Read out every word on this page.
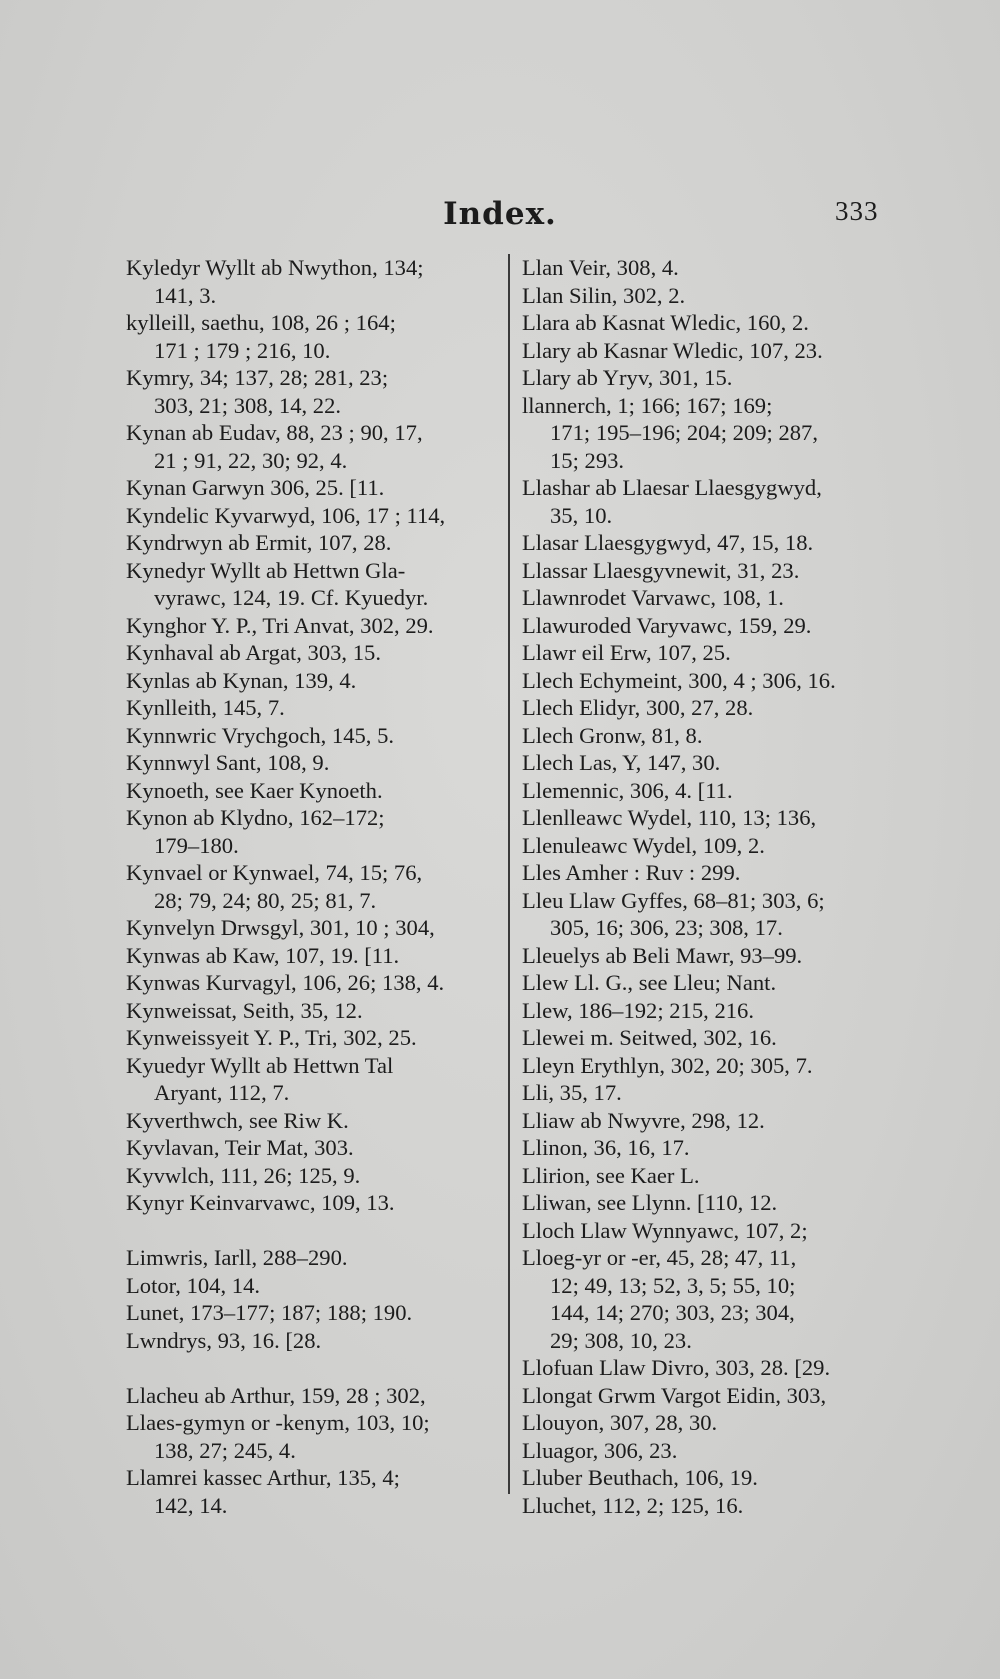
Index.	333
Kyledyr Wyllt ab Nwython, 134;
141, 3.
kylleill, saethu, 108, 26 ; 164;
171 ; 179 ; 216, 10.
Kymry, 34; 137, 28; 281, 23;
303, 21; 308, 14, 22.
Kynan ab Eudav, 88, 23 ; 90, 17,
21 ; 91, 22, 30; 92, 4.
Kynan Garwyn 306, 25. [11.
Kyndelic Kyvarwyd, 106, 17 ; 114,
Kyndrwyn ab Ermit, 107, 28.
Kynedyr Wyllt ab Hettwn Gla-
vyrawc, 124, 19. Cf. Kyuedyr.
Kynghor Y. P., Tri Anvat, 302, 29.
Kynhaval ab Argat, 303, 15.
Kynlas ab Kynan, 139, 4.
Kynlleith, 145, 7.
Kynnwric Vrychgoch, 145, 5.
Kynnwyl Sant, 108, 9.
Kynoeth, see Kaer Kynoeth.
Kynon ab Klydno, 162–172;
179–180.
Kynvael or Kynwael, 74, 15; 76,
28; 79, 24; 80, 25; 81, 7.
Kynvelyn Drwsgyl, 301, 10 ; 304,
Kynwas ab Kaw, 107, 19. [11.
Kynwas Kurvagyl, 106, 26; 138, 4.
Kynweissat, Seith, 35, 12.
Kynweissyeit Y. P., Tri, 302, 25.
Kyuedyr Wyllt ab Hettwn Tal
Aryant, 112, 7.
Kyverthwch, see Riw K.
Kyvlavan, Teir Mat, 303.
Kyvwlch, 111, 26; 125, 9.
Kynyr Keinvarvawc, 109, 13.
Limwris, Iarll, 288–290.
Lotor, 104, 14.
Lunet, 173–177; 187; 188; 190.
Lwndrys, 93, 16. [28.
Llacheu ab Arthur, 159, 28 ; 302,
Llaes-gymyn or -kenym, 103, 10;
138, 27; 245, 4.
Llamrei kassec Arthur, 135, 4;
142, 14.
Llan Veir, 308, 4.
Llan Silin, 302, 2.
Llara ab Kasnat Wledic, 160, 2.
Llary ab Kasnar Wledic, 107, 23.
Llary ab Yryv, 301, 15.
llannerch, 1; 166; 167; 169;
171; 195–196; 204; 209; 287,
15; 293.
Llashar ab Llaesar Llaesgygwyd,
35, 10.
Llasar Llaesgygwyd, 47, 15, 18.
Llassar Llaesgyvnewit, 31, 23.
Llawnrodet Varvawc, 108, 1.
Llawuroded Varyvawc, 159, 29.
Llawr eil Erw, 107, 25.
Llech Echymeint, 300, 4 ; 306, 16.
Llech Elidyr, 300, 27, 28.
Llech Gronw, 81, 8.
Llech Las, Y, 147, 30.
Llemennic, 306, 4. [11.
Llenlleawc Wydel, 110, 13; 136,
Llenuleawc Wydel, 109, 2.
Lles Amher : Ruv : 299.
Lleu Llaw Gyffes, 68–81; 303, 6;
305, 16; 306, 23; 308, 17.
Lleuelys ab Beli Mawr, 93–99.
Llew Ll. G., see Lleu; Nant.
Llew, 186–192; 215, 216.
Llewei m. Seitwed, 302, 16.
Lleyn Erythlyn, 302, 20; 305, 7.
Lli, 35, 17.
Lliaw ab Nwyvre, 298, 12.
Llinon, 36, 16, 17.
Llirion, see Kaer L.
Lliwan, see Llynn. [110, 12.
Lloch Llaw Wynnyawc, 107, 2;
Lloeg-yr or -er, 45, 28; 47, 11,
12; 49, 13; 52, 3, 5; 55, 10;
144, 14; 270; 303, 23; 304,
29; 308, 10, 23.
Llofuan Llaw Divro, 303, 28. [29.
Llongat Grwm Vargot Eidin, 303,
Llouyon, 307, 28, 30.
Lluagor, 306, 23.
Lluber Beuthach, 106, 19.
Lluchet, 112, 2; 125, 16.
